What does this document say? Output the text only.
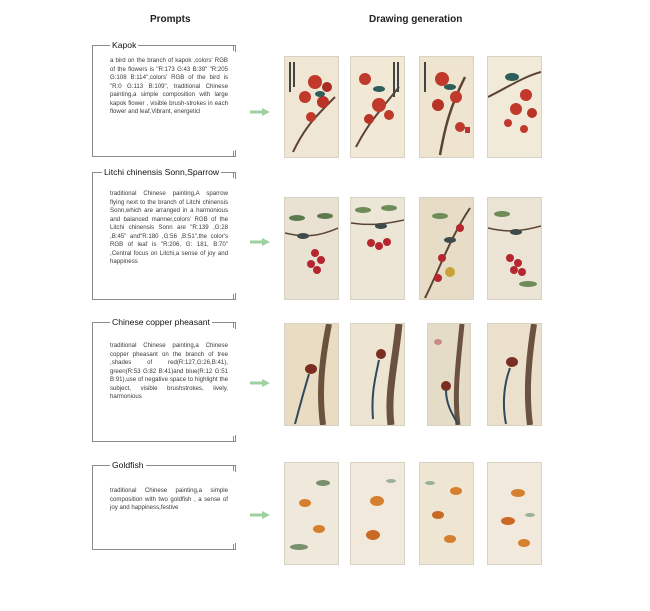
Prompts	Drawing generation
Kapok
a bird on the branch of kapok ,colors' RGB of the flowers is "R:173 G:43 B:39" "R:205 G:108 B:114",colors' RGB of the bird is "R:0 G:113 B:109", traditional Chinese painting,a simple composition with large kapok flower , visible brush-strokes in each flower and leaf,Vibrant, energeticl
Litchi chinensis Sonn,Sparrow
traditional Chinese painting,A sparrow flying next to the branch of Litchi chinensis Sonn,which are arranged in a harmonious and balanced manner,colors' RGB of the Litchi chinensis Sonn are "R:139 ,G:28 ,B:45" and"R:180 ,G:56 ,B:51",the color's RGB of leaf is "R:206, G: 181, B:70" ,Central focus on Litchi,a sense of joy and happiness
Chinese copper pheasant
traditional Chinese painting,a Chinese copper pheasant on the branch of tree ,shades of red(R:127,G:26,B:41), green(R:53 G:82 B:41)and blue(R:12 G:51 B:91),use of negative space to highlight the subject, visible brushstrokes, lively, harmonious
Goldfish
traditional Chinese painting,a simple composition with two goldfish , a sense of joy and happiness,festive
